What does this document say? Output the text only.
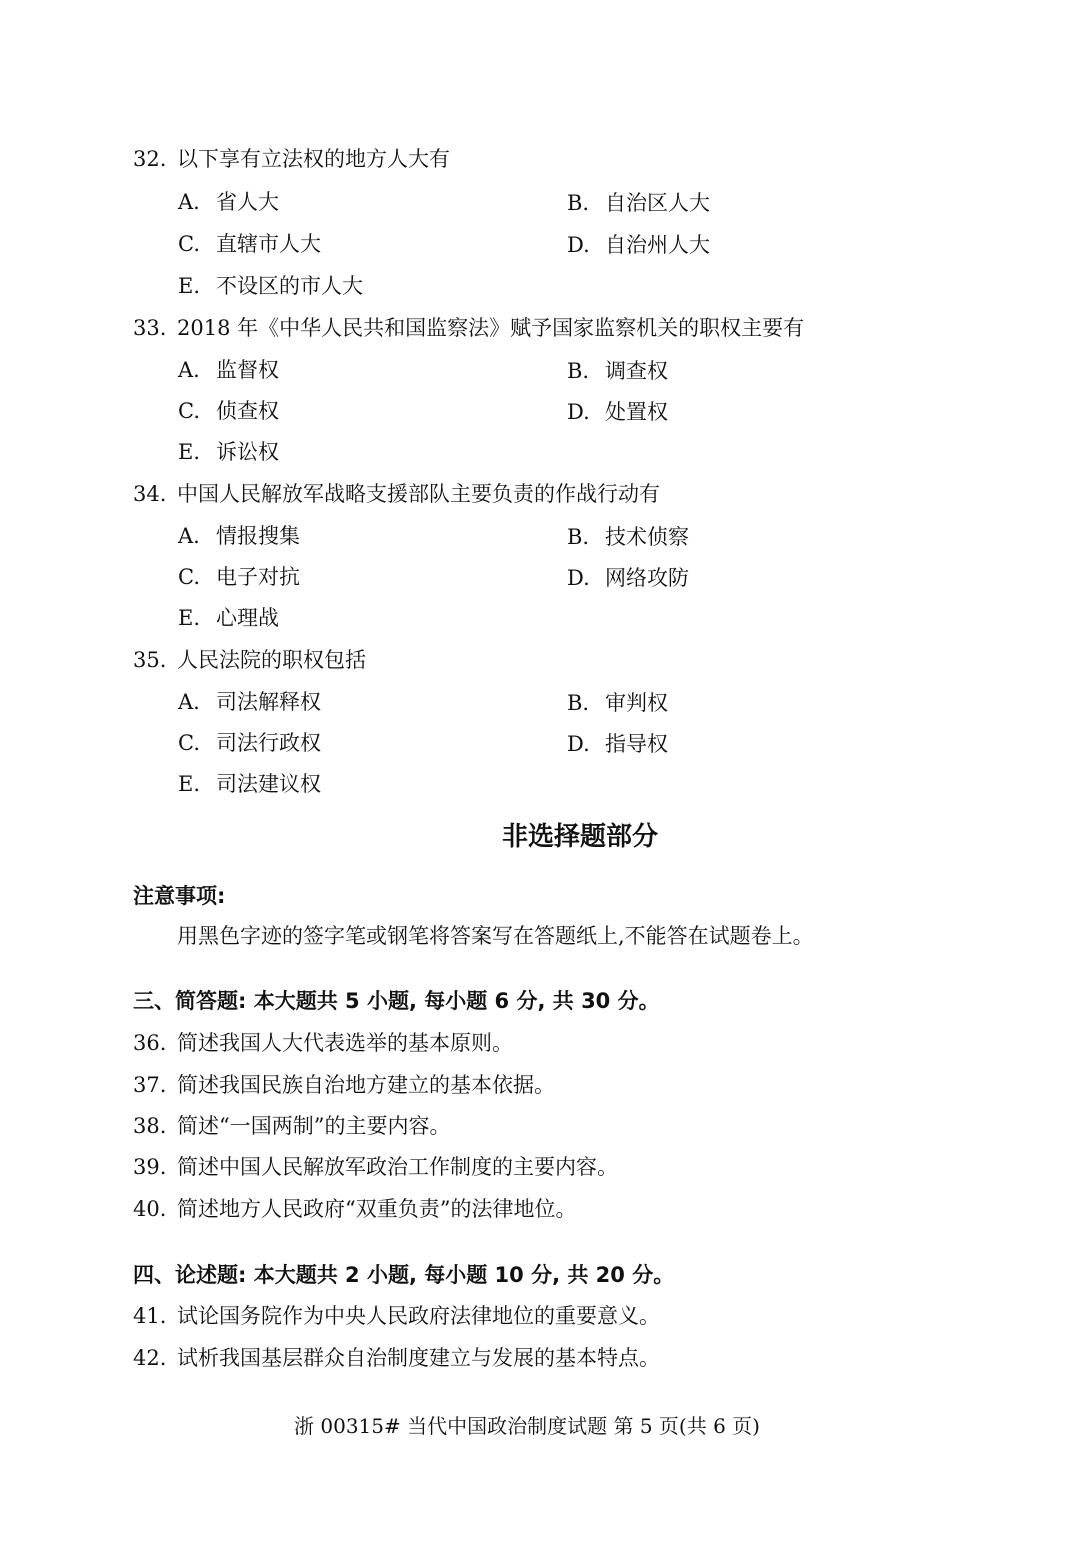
32. 以下享有立法权的地方人大有
A. 省人大	B. 自治区人大
C. 直辖市人大	D. 自治州人大
E. 不设区的市人大
33. 2018 年《中华人民共和国监察法》赋予国家监察机关的职权主要有
A. 监督权	B. 调查权
C. 侦查权	D. 处置权
E. 诉讼权
34. 中国人民解放军战略支援部队主要负责的作战行动有
A. 情报搜集	B. 技术侦察
C. 电子对抗	D. 网络攻防
E. 心理战
35. 人民法院的职权包括
A. 司法解释权	B. 审判权
C. 司法行政权	D. 指导权
E. 司法建议权
非选择题部分
注意事项:
用黑色字迹的签字笔或钢笔将答案写在答题纸上,不能答在试题卷上。
三、简答题: 本大题共 5 小题, 每小题 6 分, 共 30 分。
36. 简述我国人大代表选举的基本原则。
37. 简述我国民族自治地方建立的基本依据。
38. 简述“一国两制”的主要内容。
39. 简述中国人民解放军政治工作制度的主要内容。
40. 简述地方人民政府“双重负责”的法律地位。
四、论述题: 本大题共 2 小题, 每小题 10 分, 共 20 分。
41. 试论国务院作为中央人民政府法律地位的重要意义。
42. 试析我国基层群众自治制度建立与发展的基本特点。
浙 00315# 当代中国政治制度试题 第 5 页(共 6 页)
